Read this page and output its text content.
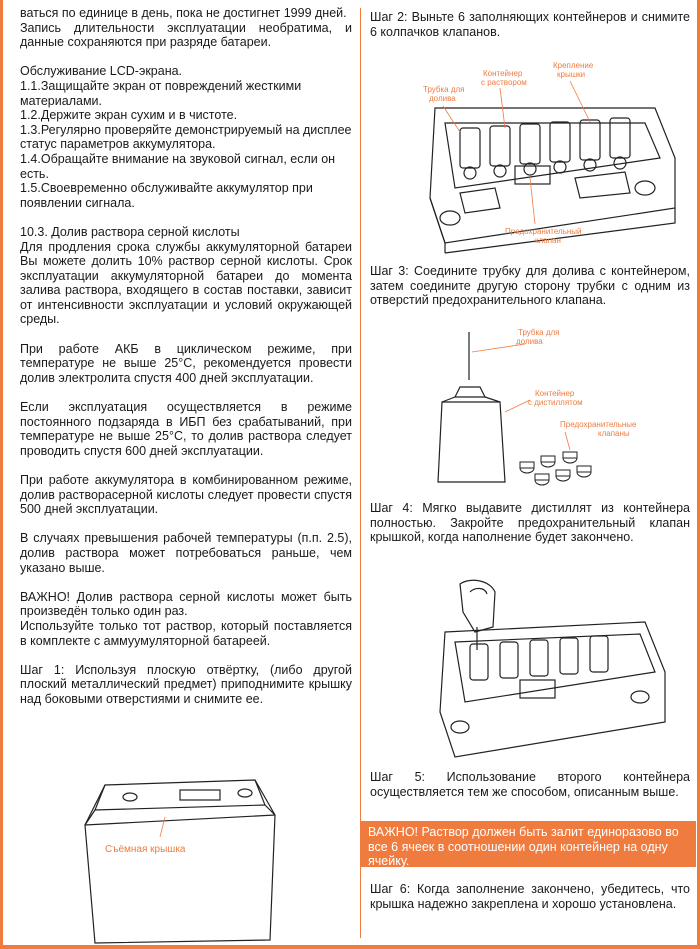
ваться по единице в день, пока не достигнет 1999 дней.
Запись длительности эксплуатации необратима, и данные сохраняются при разряде батареи.

Обслуживание LCD-экрана.
1.1.Защищайте экран от повреждений жесткими материалами.
1.2.Держите экран сухим и в чистоте.
1.3.Регулярно проверяйте демонстрируемый на дисплее статус параметров аккумулятора.
1.4.Обращайте внимание на звуковой сигнал, если он есть.
1.5.Своевременно обслуживайте аккумулятор при появлении сигнала.

10.3. Долив раствора серной кислоты
Для продления срока службы аккумуляторной батареи Вы можете долить 10% раствор серной кислоты. Срок эксплуатации аккумуляторной батареи до момента залива раствора, входящего в состав поставки, зависит от интенсивности эксплуатации и условий окружающей среды.

При работе АКБ в циклическом режиме, при температуре не выше 25°С, рекомендуется провести долив электролита спустя 400 дней эксплуатации.

Если эксплуатация осуществляется в режиме постоянного подзаряда в ИБП без срабатываний, при температуре не выше 25°С, то долив раствора следует проводить спустя 600 дней эксплуатации.

При работе аккумулятора в комбинированном режиме, долив растворасерной кислоты следует провести спустя 500 дней эксплуатации.

В случаях превышения рабочей температуры (п.п. 2.5), долив раствора может потребоваться раньше, чем указано выше.

ВАЖНО! Долив раствора серной кислоты может быть произведён только один раз.
Используйте только тот раствор, который поставляется в комплекте с аммуумуляторной батареей.

Шаг 1: Используя плоскую отвёртку, (либо другой плоский металлический предмет) приподнимите крышку над боковыми отверстиями и снимите ее.

Шаг 2: Выньте 6 заполняющих контейнеров и снимите 6 колпачков клапанов.
Шаг 3: Соедините трубку для долива с контейнером, затем соедините другую сторону трубки с одним из отверстий предохранительного клапана.
Шаг 4: Мягко выдавите дистиллят из контейнера полностью. Закройте предохранительный клапан крышкой, когда наполнение будет закончено.
Шаг 5: Использование второго контейнера осуществляется тем же способом, описанным выше.
ВАЖНО! Раствор должен быть залит единоразово во все 6 ячеек в соотношении один контейнер на одну ячейку.
Шаг 6: Когда заполнение закончено, убедитесь, что крышка надежно закреплена и хорошо установлена.
Трубка для
долива
Контейнер
с раствором
Крепление
крышки
Предохранительный
клапан
Трубка для
долива
Контейнер
с дистиллятом
Предохранительные
клапаны
Съёмная крышка
